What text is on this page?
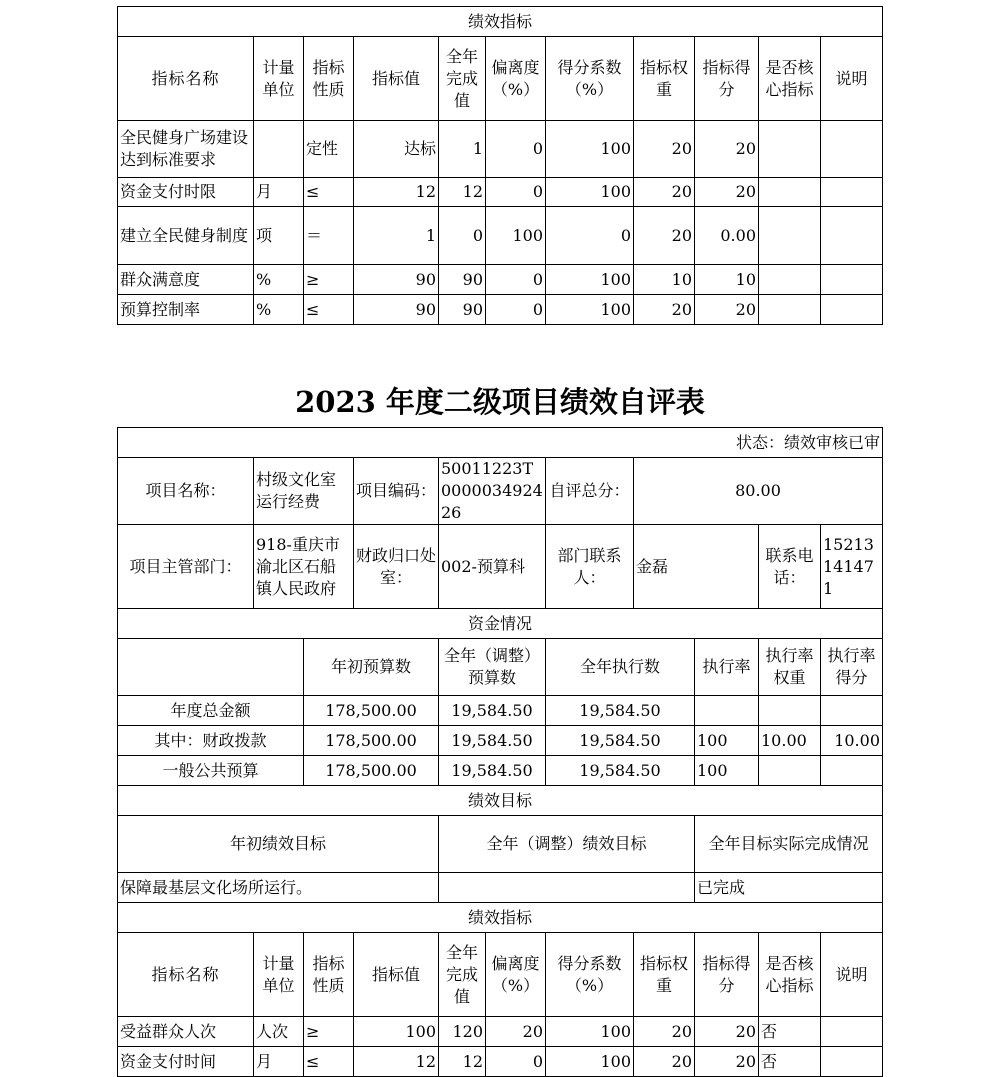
绩效指标										
指标名称	计量单位	指标性质	指标值	全年完成值	偏离度（%）	得分系数（%）	指标权重	指标得分	是否核心指标	说明
全民健身广场建设达到标准要求		定性	达标	1	0	100	20	20		
资金支付时限	月	≤	12	12	0	100	20	20		
建立全民健身制度	项	＝	1	0	100	0	20	0.00		
群众满意度	%	≥	90	90	0	100	10	10		
预算控制率	%	≤	90	90	0	100	20	20		
2023 年度二级项目绩效自评表
状态：绩效审核已审										
项目名称：	村级文化室运行经费		项目编码：	50011223T000003492426		自评总分：	80.00			
项目主管部门：	918-重庆市渝北区石船镇人民政府		财政归口处室：	002-预算科		部门联系人：	金磊		联系电话：	15213141471
资金情况										
		年初预算数		全年（调整）预算数		全年执行数		执行率	执行率权重	执行率得分
年度总金额		178,500.00		19,584.50		19,584.50				
其中：财政拨款		178,500.00		19,584.50		19,584.50		100	10.00	10.00
一般公共预算		178,500.00		19,584.50		19,584.50		100		
绩效目标										
年初绩效目标				全年（调整）绩效目标				全年目标实际完成情况		
保障最基层文化场所运行。								已完成		
绩效指标										
指标名称	计量单位	指标性质	指标值	全年完成值	偏离度（%）	得分系数（%）	指标权重	指标得分	是否核心指标	说明
受益群众人次	人次	≥	100	120	20	100	20	20	否	
资金支付时间	月	≤	12	12	0	100	20	20	否	
